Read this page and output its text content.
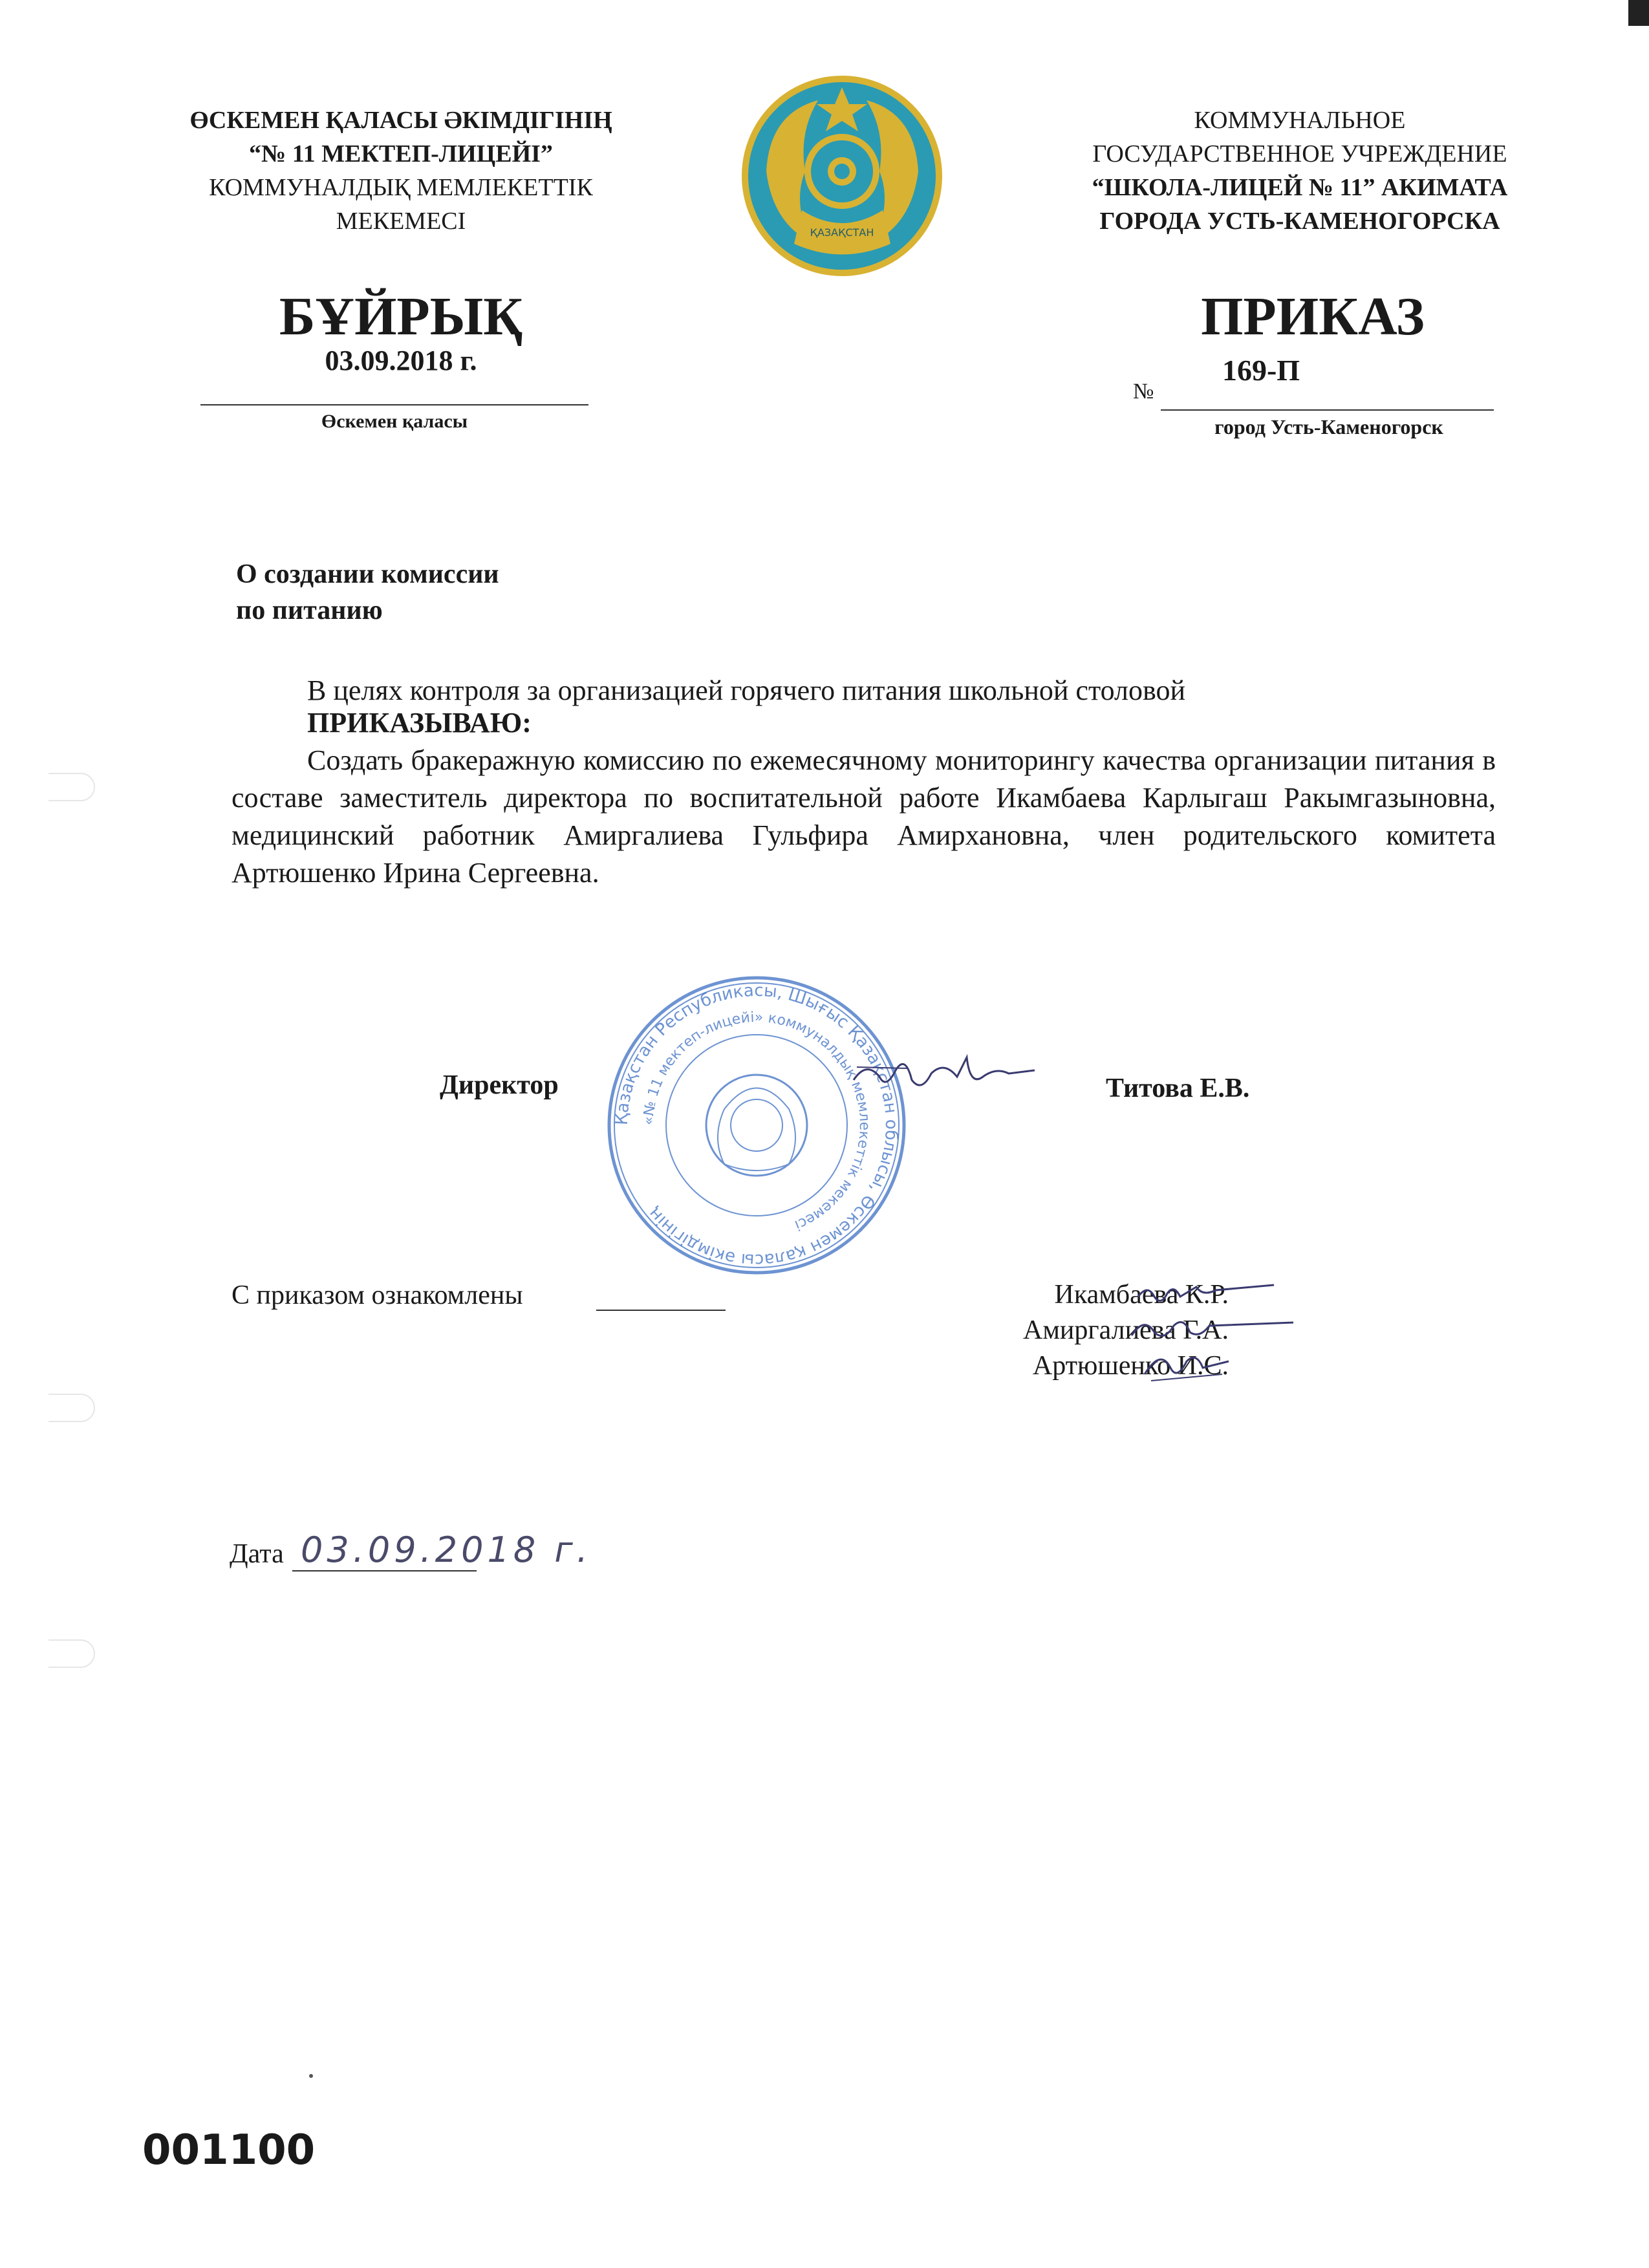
ӨСКЕМЕН ҚАЛАСЫ ӘКІМДІГІНІҢ
“№ 11 МЕКТЕП-ЛИЦЕЙІ”
КОММУНАЛДЫҚ МЕМЛЕКЕТТІК
МЕКЕМЕСІ	ҚАЗАҚСТАН
КОММУНАЛЬНОЕ
ГОСУДАРСТВЕННОЕ УЧРЕЖДЕНИЕ
“ШКОЛА-ЛИЦЕЙ № 11” АКИМАТА
ГОРОДА УСТЬ-КАМЕНОГОРСКА
БҰЙРЫҚ
03.09.2018 г.
Өскемен қаласы
ПРИКАЗ
169-П
№
город Усть-Каменогорск
О создании комиссии
по питанию
В целях контроля за организацией горячего питания школьной столовой
ПРИКАЗЫВАЮ:
Создать бракеражную комиссию по ежемесячному мониторингу качества организации питания в составе заместитель директора по воспитательной работе Икамбаева Карлыгаш Ракымгазыновна, медицинский работник Амиргалиева Гульфира Амирхановна, член родительского комитета Артюшенко Ирина Сергеевна.
Қазақстан Республикасы, Шығыс Қазақстан облысы, Өскемен қаласы әкімдігінің
«№ 11 мектеп-лицейі» коммуналдық мемлекеттік мекемесі
Директор	Титова Е.В.
С приказом ознакомлены	Икамбаева К.Р.
Амиргалиева Г.А.
Артюшенко И.С.
Дата 03.09.2018 г.
001100
